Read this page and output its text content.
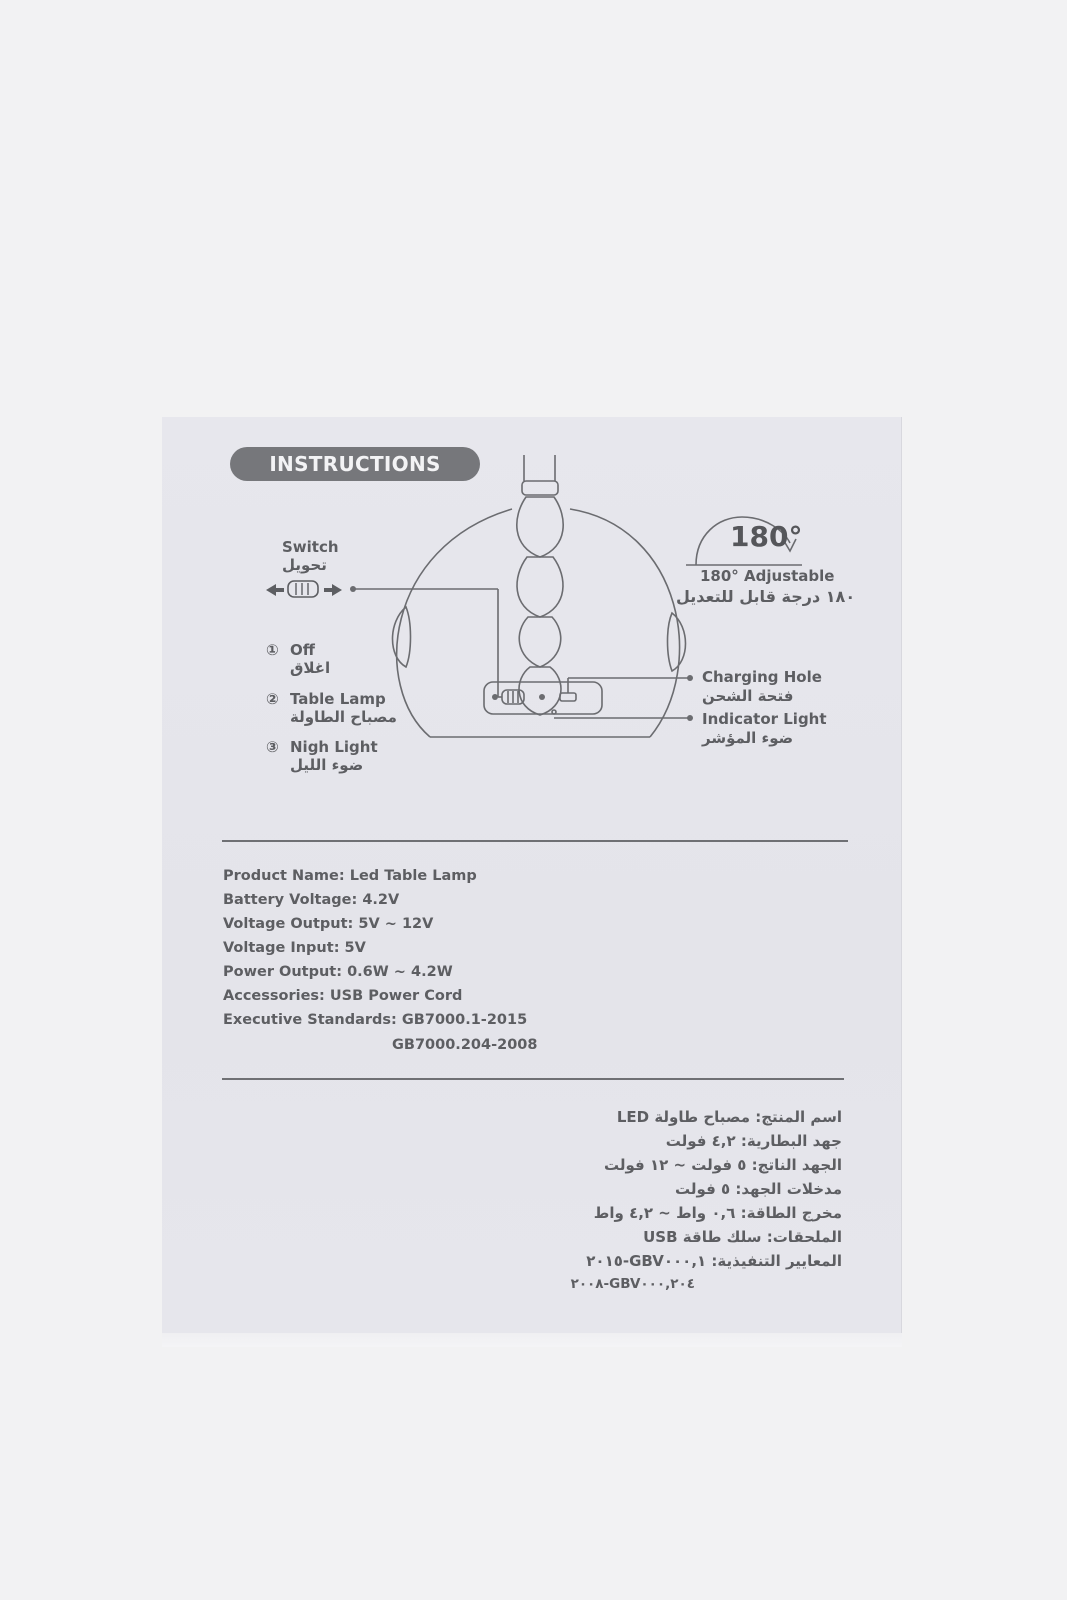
INSTRUCTIONS
Switch
تحويل
180°
180° Adjustable
١٨٠ درجة قابل للتعديل
① Off
اغلاق
② Table Lamp
مصباح الطاولة
③ Nigh Light
ضوء الليل
Charging Hole
فتحة الشحن
Indicator Light
ضوء المؤشر
Product Name: Led Table Lamp
Battery Voltage: 4.2V
Voltage Output: 5V ~ 12V
Voltage Input: 5V
Power Output: 0.6W ~ 4.2W
Accessories: USB Power Cord
Executive Standards: GB7000.1-2015
GB7000.204-2008
اسم المنتج: مصباح طاولة LED
جهد البطارية: ٤,٢ فولت
الجهد الناتج: ٥ فولت ~ ١٢ فولت
مدخلات الجهد: ٥ فولت
مخرج الطاقة: ٠,٦ واط ~ ٤,٢ واط
الملحقات: سلك طاقة USB
المعايير التنفيذية: GBV٠٠٠,١-٢٠١٥
GBV٠٠٠,٢٠٤-٢٠٠٨
